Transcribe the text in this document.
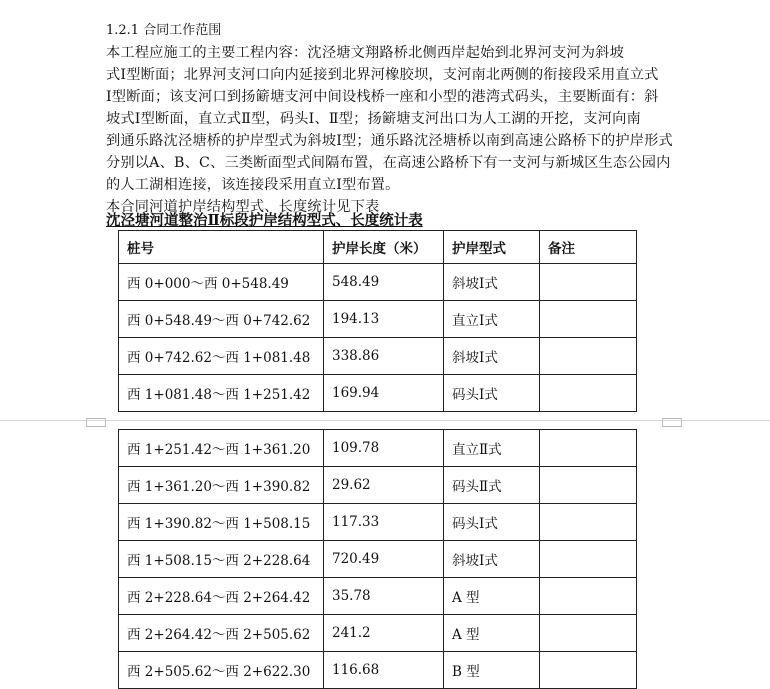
1.2.1 合同工作范围

本工程应施工的主要工程内容：沈泾塘文翔路桥北侧西岸起始到北界河支河为斜坡
式Ⅰ型断面；北界河支河口向内延接到北界河橡胶坝，支河南北两侧的衔接段采用直立式
Ⅰ型断面；该支河口到扬簖塘支河中间设栈桥一座和小型的港湾式码头，主要断面有：斜
坡式Ⅰ型断面，直立式Ⅱ型，码头Ⅰ、Ⅱ型；扬簖塘支河出口为人工湖的开挖，支河向南
到通乐路沈泾塘桥的护岸型式为斜坡Ⅰ型；通乐路沈泾塘桥以南到高速公路桥下的护岸形式
分别以A、B、C、三类断面型式间隔布置，在高速公路桥下有一支河与新城区生态公园内
的人工湖相连接，该连接段采用直立Ⅰ型布置。
本合同河道护岸结构型式、长度统计见下表

沈泾塘河道整治Ⅱ标段护岸结构型式、长度统计表
桩号	护岸长度（米）	护岸型式	备注
西 0+000～西 0+548.49	548.49	斜坡Ⅰ式	
西 0+548.49～西 0+742.62	194.13	直立Ⅰ式	
西 0+742.62～西 1+081.48	338.86	斜坡Ⅰ式	
西 1+081.48～西 1+251.42	169.94	码头Ⅰ式	
西 1+251.42～西 1+361.20	109.78	直立Ⅱ式	
西 1+361.20～西 1+390.82	29.62	码头Ⅱ式	
西 1+390.82～西 1+508.15	117.33	码头Ⅰ式	
西 1+508.15～西 2+228.64	720.49	斜坡Ⅰ式	
西 2+228.64～西 2+264.42	35.78	A 型	
西 2+264.42～西 2+505.62	241.2	A 型	
西 2+505.62～西 2+622.30	116.68	B 型	
